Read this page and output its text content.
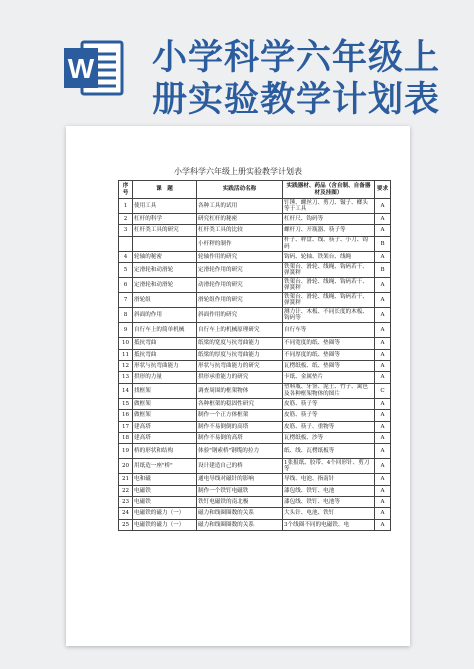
W 小学科学六年级上
册实验教学计划表
小学科学六年级上册实验教学计划表
序号	课　题	实践活动名称	实践器材、药品（含自制、自备器材及挂图）	要求
1	使用工具	各种工具的试用	钉锤、螺丝刀、剪刀、镊子、榔头等于工具	A
2	杠杆的科学	研究杠杆的秘密	杠杆尺、钩码等	A
3	杠杆类工具的研究	杠杆类工具的比较	螺杆刀、开瓶器、筷子等	A
		小杆秤的制作	杆子、秤盘、线、筷子、小刀、钩码	B
4	轮轴的秘密	轮轴作用的研究	钩码、轮轴、铁架台、线绳	A
5	定滑轮和动滑轮	定滑轮作用的研究	铁架台、滑轮、线绳、钩码若干、弹簧秤	B
6	定滑轮和动滑轮	动滑轮作用的研究	铁架台、滑轮、线绳、钩码若干、弹簧秤	A
7	滑轮组	滑轮组作用的研究	铁架台、滑轮、线绳、钩码若干、弹簧秤	A
8	斜面的作用	斜面作用的研究	测力计、木板、不同长度的木板、钩码等	A
9	自行车上的简单机械	自行车上的机械原理研究	自行车等	A
10	抵抗弯曲	纸梁的宽度与抗弯曲能力	不同宽度的纸、垫圈等	A
11	抵抗弯曲	纸梁的厚度与抗弯曲能力	不同厚度的纸、垫圈等	A
12	形状与抗弯曲能力	形状与抗弯曲能力的研究	瓦楞纸板、纸、垫圈等	A
13	拱形的力量	拱形承重能力的研究	卡纸、金属垫片	A
14	找框架	调查周围的框架物体	塑料瓶、牙签、泥土、竹子、篱笆及各种框架物体的图片	C
15	做框架	各种框架的稳固性研究	皮筋、筷子等	A
16	做框架	制作一个正方体框架	皮筋、筷子等	A
17	建高塔	制作不易倒倒的高塔	皮筋、筷子、重物等	A
18	建高塔	制作不易倒的高塔	瓦楞纸板、沙等	A
19	桥的形状和结构	体验"钢索桥"钢缆的拉力	纸、线、瓦楞纸板等	A
20	用纸造一座"桥"	设计建造自己的桥	1张报纸、胶带、4个回形针、剪刀等	A
21	电和磁	通电导线对磁针的影响	导线、电池、指南针	A
22	电磁铁	制作一个铁钉电磁铁	漆包线、铁钉、电池	A
23	电磁铁	铁钉电磁铁的南北极	漆包线、铁钉、电池等	A
24	电磁铁的磁力（一）	磁力和线圈圈数的关系	大头针、电池、铁钉	A
25	电磁铁的磁力（一）	磁力和线圈圈数的关系	3个线圈不同的电磁铁、电	A
